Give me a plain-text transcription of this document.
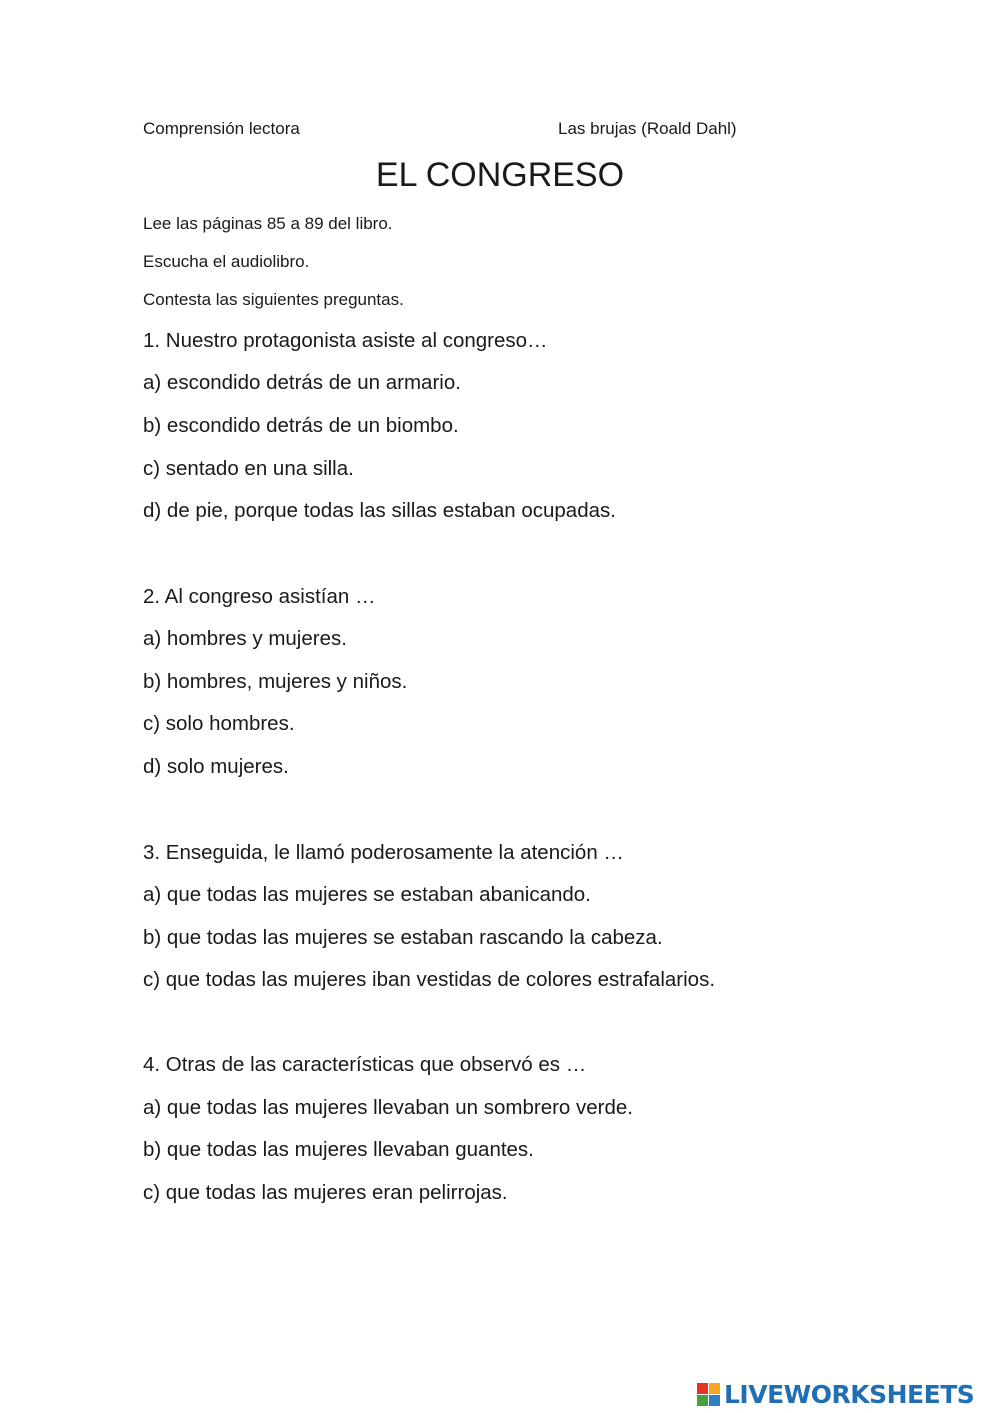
Comprensión lectora	Las brujas (Roald Dahl)
EL CONGRESO
Lee las páginas 85 a 89 del libro.
Escucha el audiolibro.
Contesta las siguientes preguntas.
1. Nuestro protagonista asiste al congreso…
a) escondido detrás de un armario.
b) escondido detrás de un biombo.
c) sentado en una silla.
d) de pie, porque todas las sillas estaban ocupadas.
2. Al congreso asistían …
a) hombres y mujeres.
b) hombres, mujeres y niños.
c) solo hombres.
d) solo mujeres.
3. Enseguida, le llamó poderosamente la atención …
a) que todas las mujeres se estaban abanicando.
b) que todas las mujeres se estaban rascando la cabeza.
c) que todas las mujeres iban vestidas de colores estrafalarios.
4. Otras de las características que observó es …
a) que todas las mujeres llevaban un sombrero verde.
b) que todas las mujeres llevaban guantes.
c) que todas las mujeres eran pelirrojas.
LIVEWORKSHEETS
